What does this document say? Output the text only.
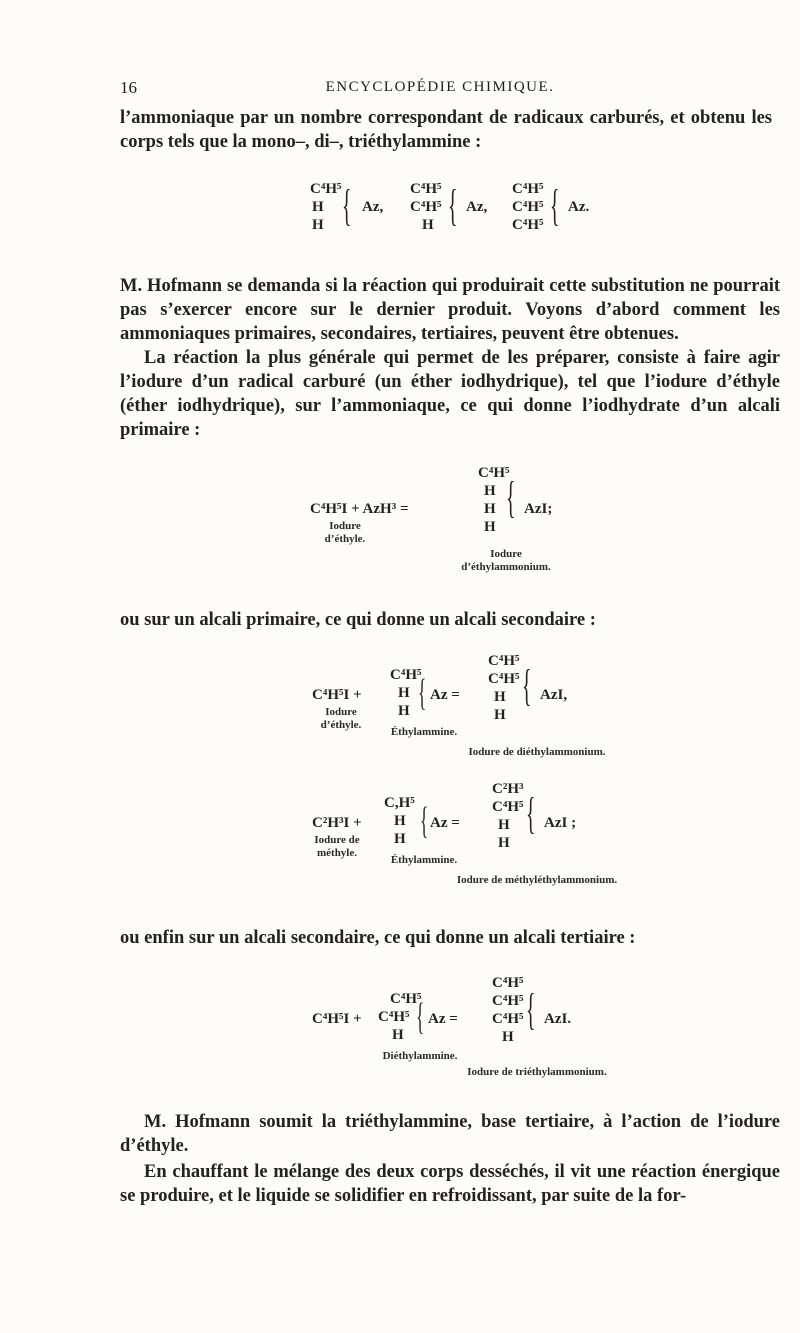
16	ENCYCLOPÉDIE CHIMIQUE.

l’ammoniaque par un nombre correspondant de radicaux carburés, et obtenu les corps tels que la mono–, di–, triéthylammine :

C⁴H⁵
H
H { Az,
C⁴H⁵
C⁴H⁵
H { Az,
C⁴H⁵
C⁴H⁵
C⁴H⁵ { Az.

M. Hofmann se demanda si la réaction qui produirait cette substitution ne pourrait pas s’exercer encore sur le dernier produit. Voyons d’abord comment les ammoniaques primaires, secondaires, tertiaires, peuvent être obtenues.

La réaction la plus générale qui permet de les préparer, consiste à faire agir l’iodure d’un radical carburé (un éther iodhydrique), tel que l’iodure d’éthyle (éther iodhydrique), sur l’ammoniaque, ce qui donne l’iodhydrate d’un alcali primaire :

C⁴H⁵I + AzH³ =
Iodure d’éthyle.
C⁴H⁵
H
H
H
{ AzI;
Iodure d’éthylammonium.

ou sur un alcali primaire, ce qui donne un alcali secondaire :

C⁴H⁵I +
Iodure d’éthyle.
C⁴H⁵
H
H { Az =
Éthylammine.
C⁴H⁵
C⁴H⁵
H
H
{ AzI,
Iodure de diéthylammonium.
C²H³I +
Iodure de méthyle.
C,H⁵
H
H { Az =
Éthylammine.
C²H³
C⁴H⁵
H
H
{ AzI ;
Iodure de méthyléthylammonium.

ou enfin sur un alcali secondaire, ce qui donne un alcali tertiaire :

C⁴H⁵I +
C⁴H⁵
C⁴H⁵
H { Az =
Diéthylammine.
C⁴H⁵
C⁴H⁵
C⁴H⁵
H
{ AzI.
Iodure de triéthylammonium.

M. Hofmann soumit la triéthylammine, base tertiaire, à l’action de l’iodure d’éthyle.

En chauffant le mélange des deux corps desséchés, il vit une réaction énergique se produire, et le liquide se solidifier en refroidissant, par suite de la for-
